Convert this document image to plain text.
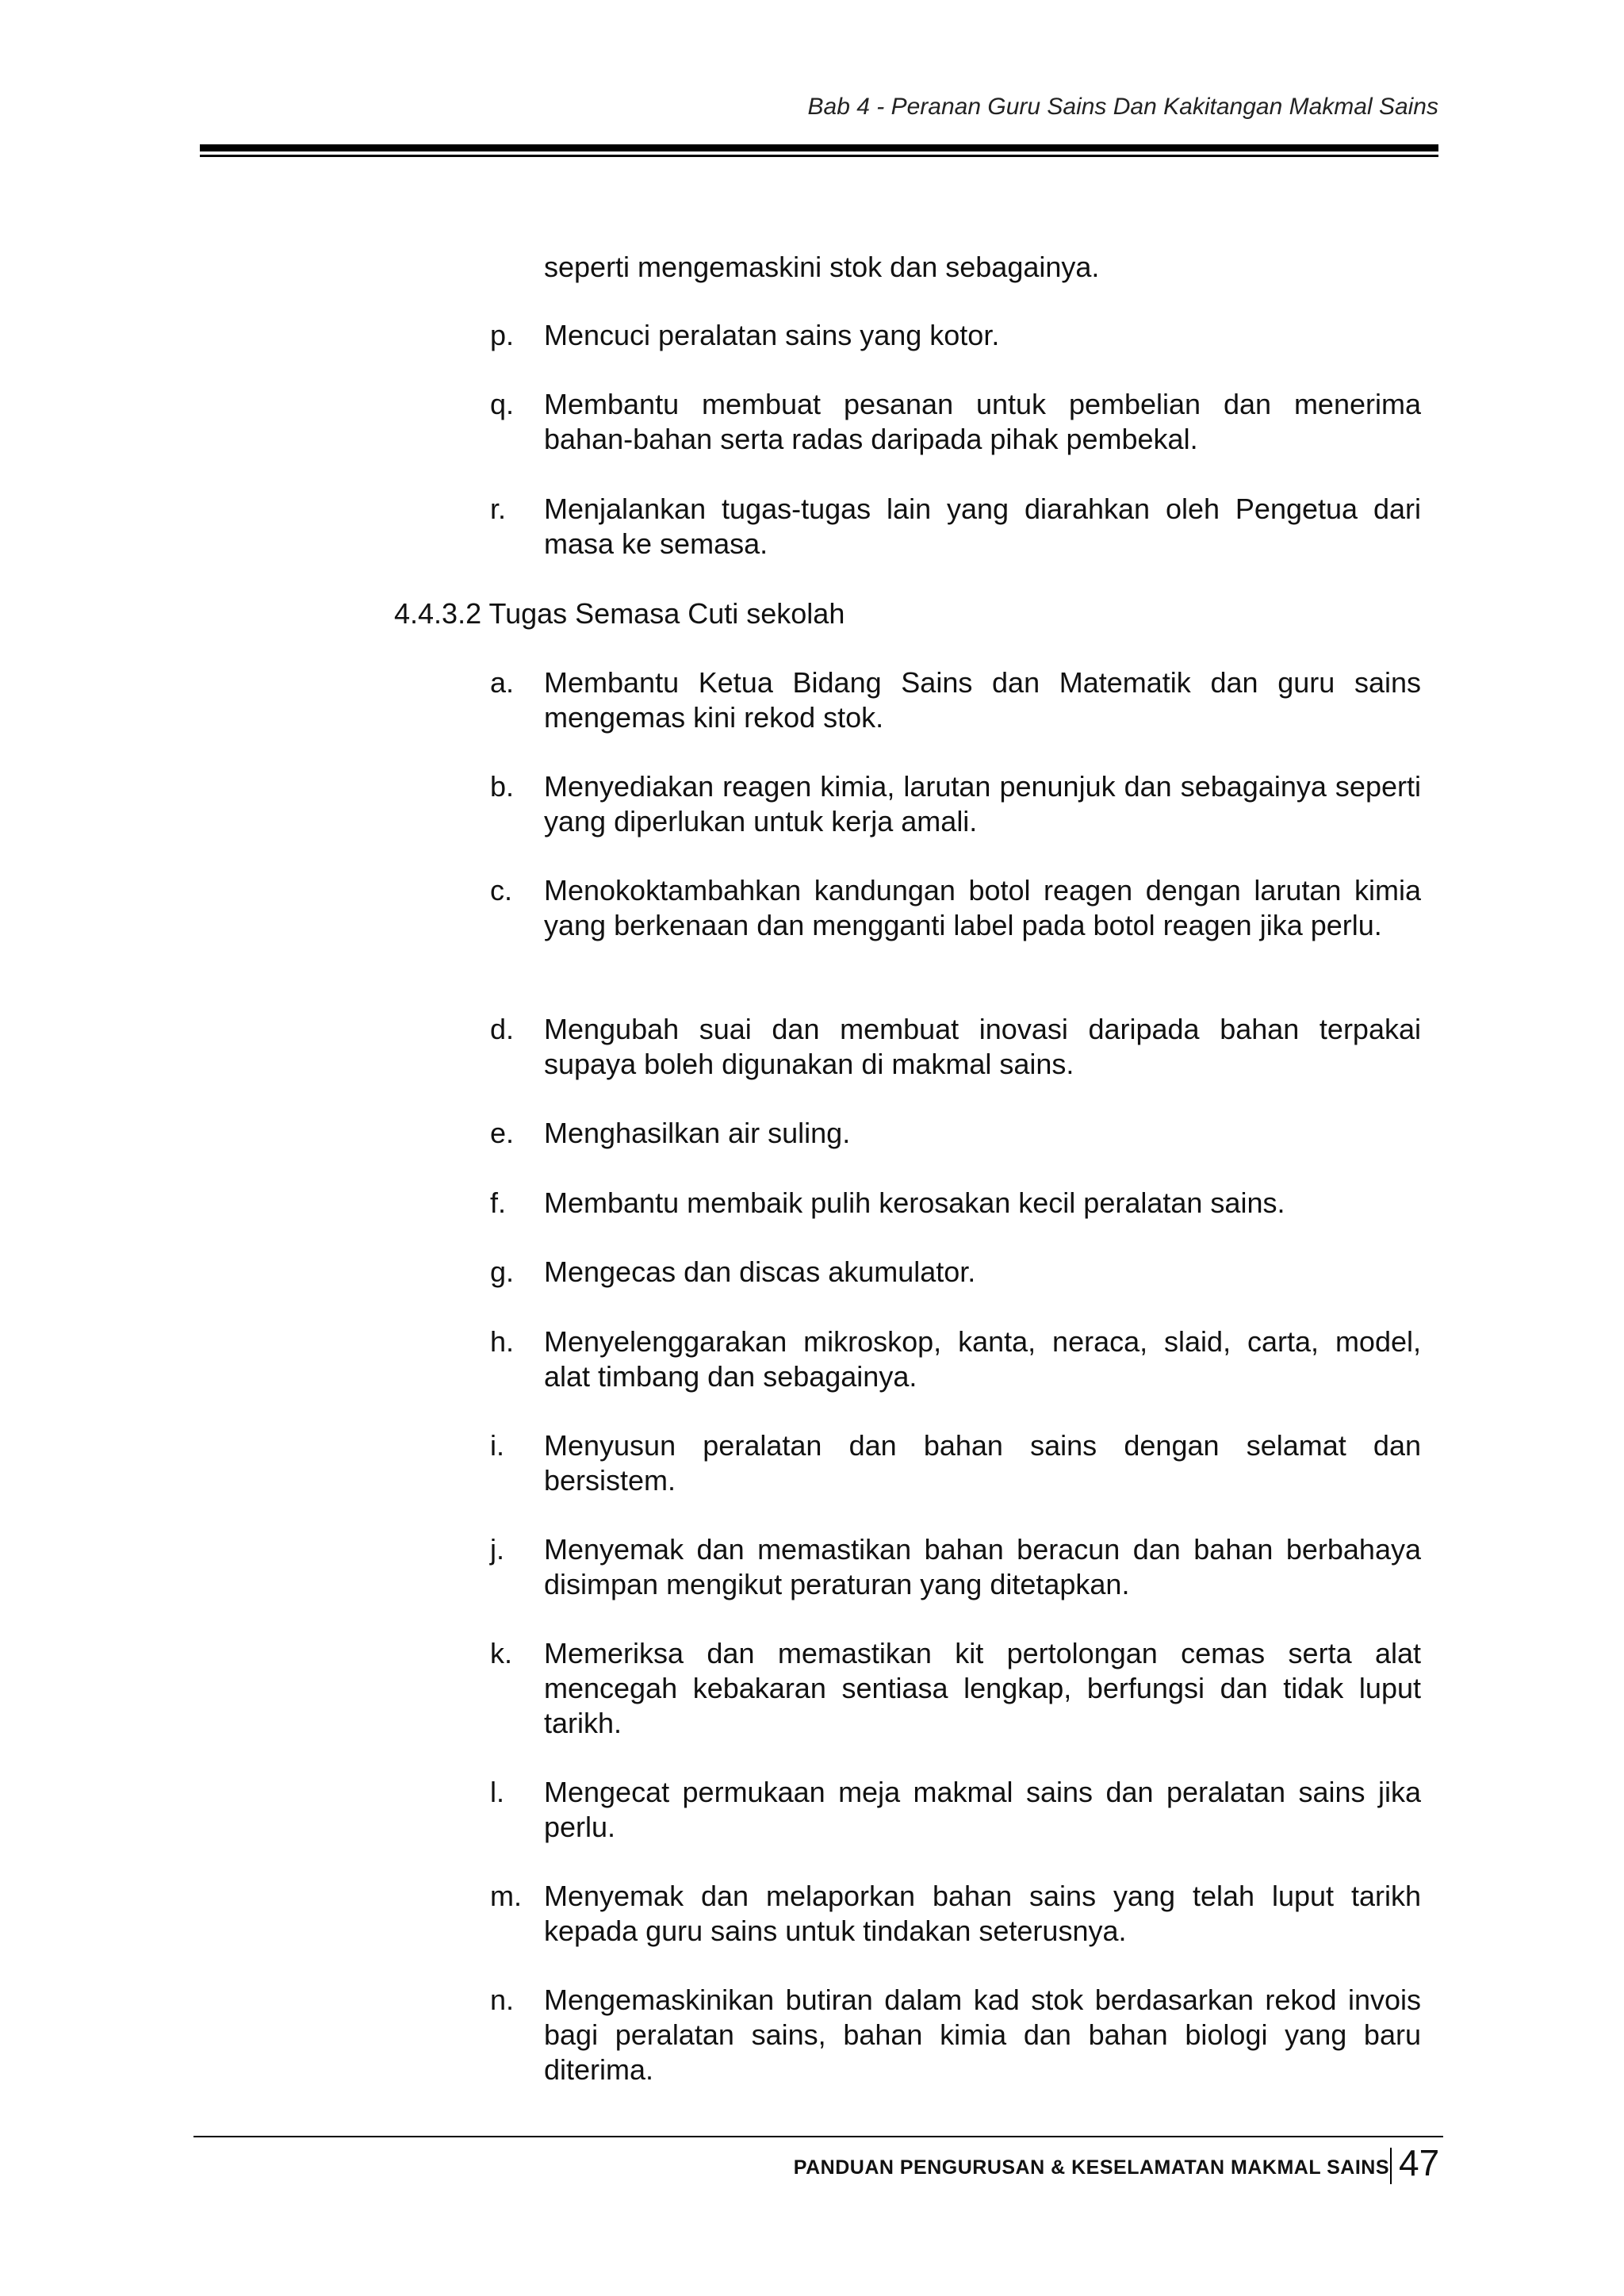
Bab 4 - Peranan Guru Sains Dan Kakitangan Makmal Sains
seperti mengemaskini stok dan sebagainya.
p.	Mencuci peralatan sains yang kotor.
q.	Membantu membuat pesanan untuk pembelian dan menerima bahan-bahan serta radas daripada pihak pembekal.
r.	Menjalankan tugas-tugas lain yang diarahkan oleh Pengetua dari masa ke semasa.
4.4.3.2 Tugas Semasa Cuti sekolah
a.	Membantu Ketua Bidang Sains dan Matematik dan guru sains mengemas kini rekod stok.
b.	Menyediakan reagen kimia, larutan penunjuk dan sebagainya seperti yang diperlukan untuk kerja amali.
c.	Menokoktambahkan kandungan botol reagen dengan larutan kimia yang berkenaan dan mengganti label pada botol reagen jika perlu.
d.	Mengubah suai dan membuat inovasi daripada bahan terpakai supaya boleh digunakan di makmal sains.
e.	Menghasilkan air suling.
f.	Membantu membaik pulih kerosakan kecil peralatan sains.
g.	Mengecas dan discas akumulator.
h.	Menyelenggarakan mikroskop, kanta, neraca, slaid, carta, model, alat timbang dan sebagainya.
i.	Menyusun peralatan dan bahan sains dengan selamat dan bersistem.
j.	Menyemak dan memastikan bahan beracun dan bahan berbahaya disimpan mengikut peraturan yang ditetapkan.
k.	Memeriksa dan memastikan kit pertolongan cemas serta alat mencegah kebakaran sentiasa lengkap, berfungsi dan tidak luput tarikh.
l.	Mengecat permukaan meja makmal sains dan peralatan sains jika perlu.
m. Menyemak dan melaporkan bahan sains yang telah luput tarikh kepada guru sains untuk tindakan seterusnya.
n.	Mengemaskinikan butiran dalam kad stok berdasarkan rekod invois bagi peralatan sains, bahan kimia dan bahan biologi yang baru diterima.
PANDUAN PENGURUSAN & KESELAMATAN MAKMAL SAINS 47
